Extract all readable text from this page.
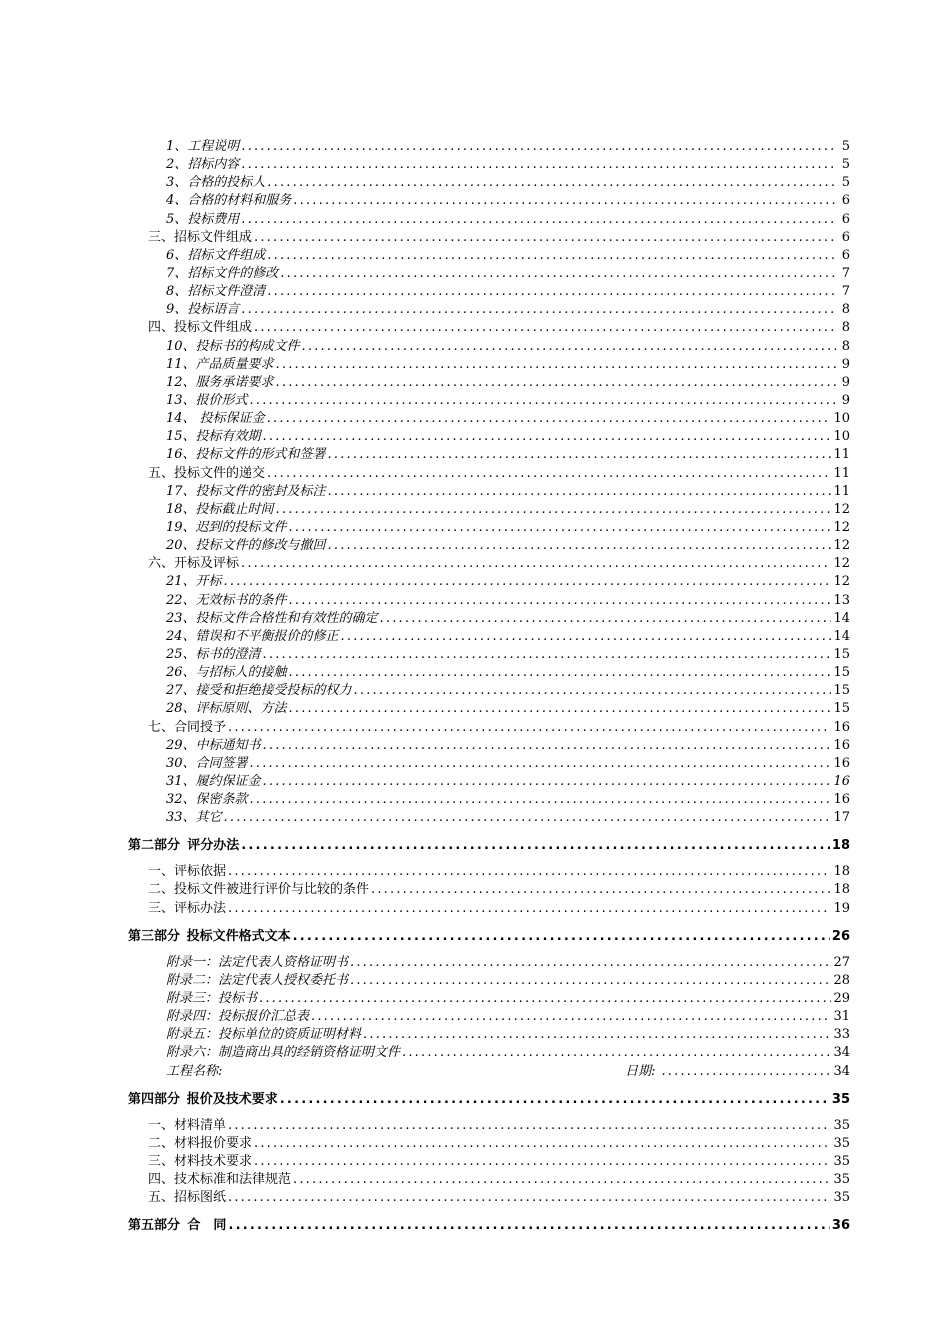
1、工程说明 .....	5
2、招标内容 .....	5
3、合格的投标人 .....	5
4、合格的材料和服务 .....	6
5、投标费用 .....	6
三、招标文件组成 .....	6
6、招标文件组成 .....	6
7、招标文件的修改 .....	7
8、招标文件澄清 .....	7
9、投标语言 .....	8
四、投标文件组成 .....	8
10、投标书的构成文件 .....	8
11、产品质量要求 .....	9
12、服务承诺要求 .....	9
13、报价形式 .....	9
14、 投标保证金 .....	10
15、投标有效期 .....	10
16、投标文件的形式和签署 .....	11
五、投标文件的递交 .....	11
17、投标文件的密封及标注 .....	11
18、投标截止时间 .....	12
19、迟到的投标文件 .....	12
20、投标文件的修改与撤回 .....	12
六、开标及评标 .....	12
21、开标 .....	12
22、无效标书的条件 .....	13
23、投标文件合格性和有效性的确定 .....	14
24、错误和不平衡报价的修正 .....	14
25、标书的澄清 .....	15
26、与招标人的接触 .....	15
27、接受和拒绝接受投标的权力 .....	15
28、评标原则、方法 .....	15
七、合同授予 .....	16
29、中标通知书 .....	16
30、合同签署 .....	16
31、履约保证金 .....	16
32、保密条款 .....	16
33、其它 .....	17
第二部分 评分办法 .....	18
一、评标依据 .....	18
二、投标文件被进行评价与比较的条件 .....	18
三、评标办法 .....	19
第三部分 投标文件格式文本 .....	26
附录一：法定代表人资格证明书 .....	27
附录二：法定代表人授权委托书 .....	28
附录三：投标书 .....	29
附录四：投标报价汇总表 .....	31
附录五：投标单位的资质证明材料 .....	33
附录六：制造商出具的经销资格证明文件 .....	34
工程名称:	日期: .....	34
第四部分 报价及技术要求 .....	35
一、材料清单 .....	35
二、材料报价要求 .....	35
三、材料技术要求 .....	35
四、技术标准和法律规范 .....	35
五、招标图纸 .....	35
第五部分 合　同 .....	36
